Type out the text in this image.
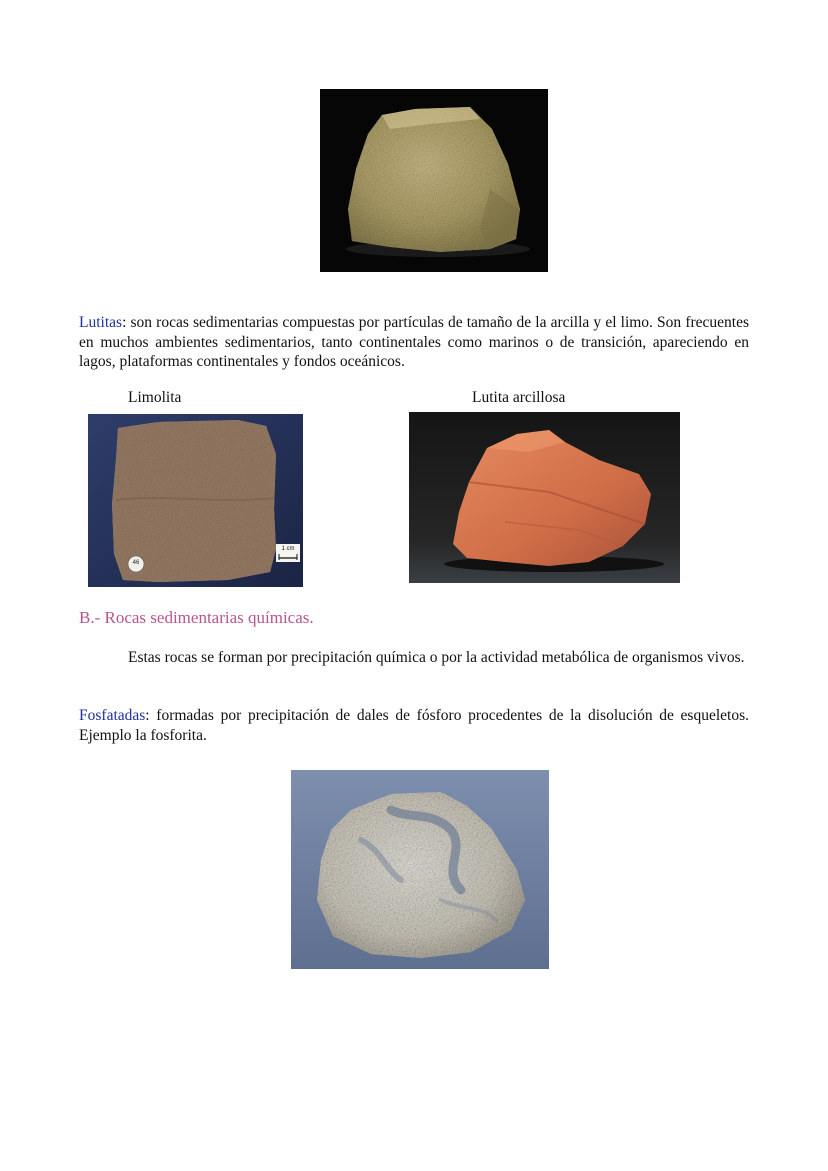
Lutitas: son rocas sedimentarias compuestas por partículas de tamaño de la arcilla y el limo. Son frecuentes en muchos ambientes sedimentarios, tanto continentales como marinos o de transición, apareciendo en lagos, plataformas continentales y fondos oceánicos.

Limolita	Lutita arcillosa
46
1 cm
B.- Rocas sedimentarias químicas.

Estas rocas se forman por precipitación química o por la actividad metabólica de organismos vivos.

Fosfatadas: formadas por precipitación de dales de fósforo procedentes de la disolución de esqueletos. Ejemplo la fosforita.
